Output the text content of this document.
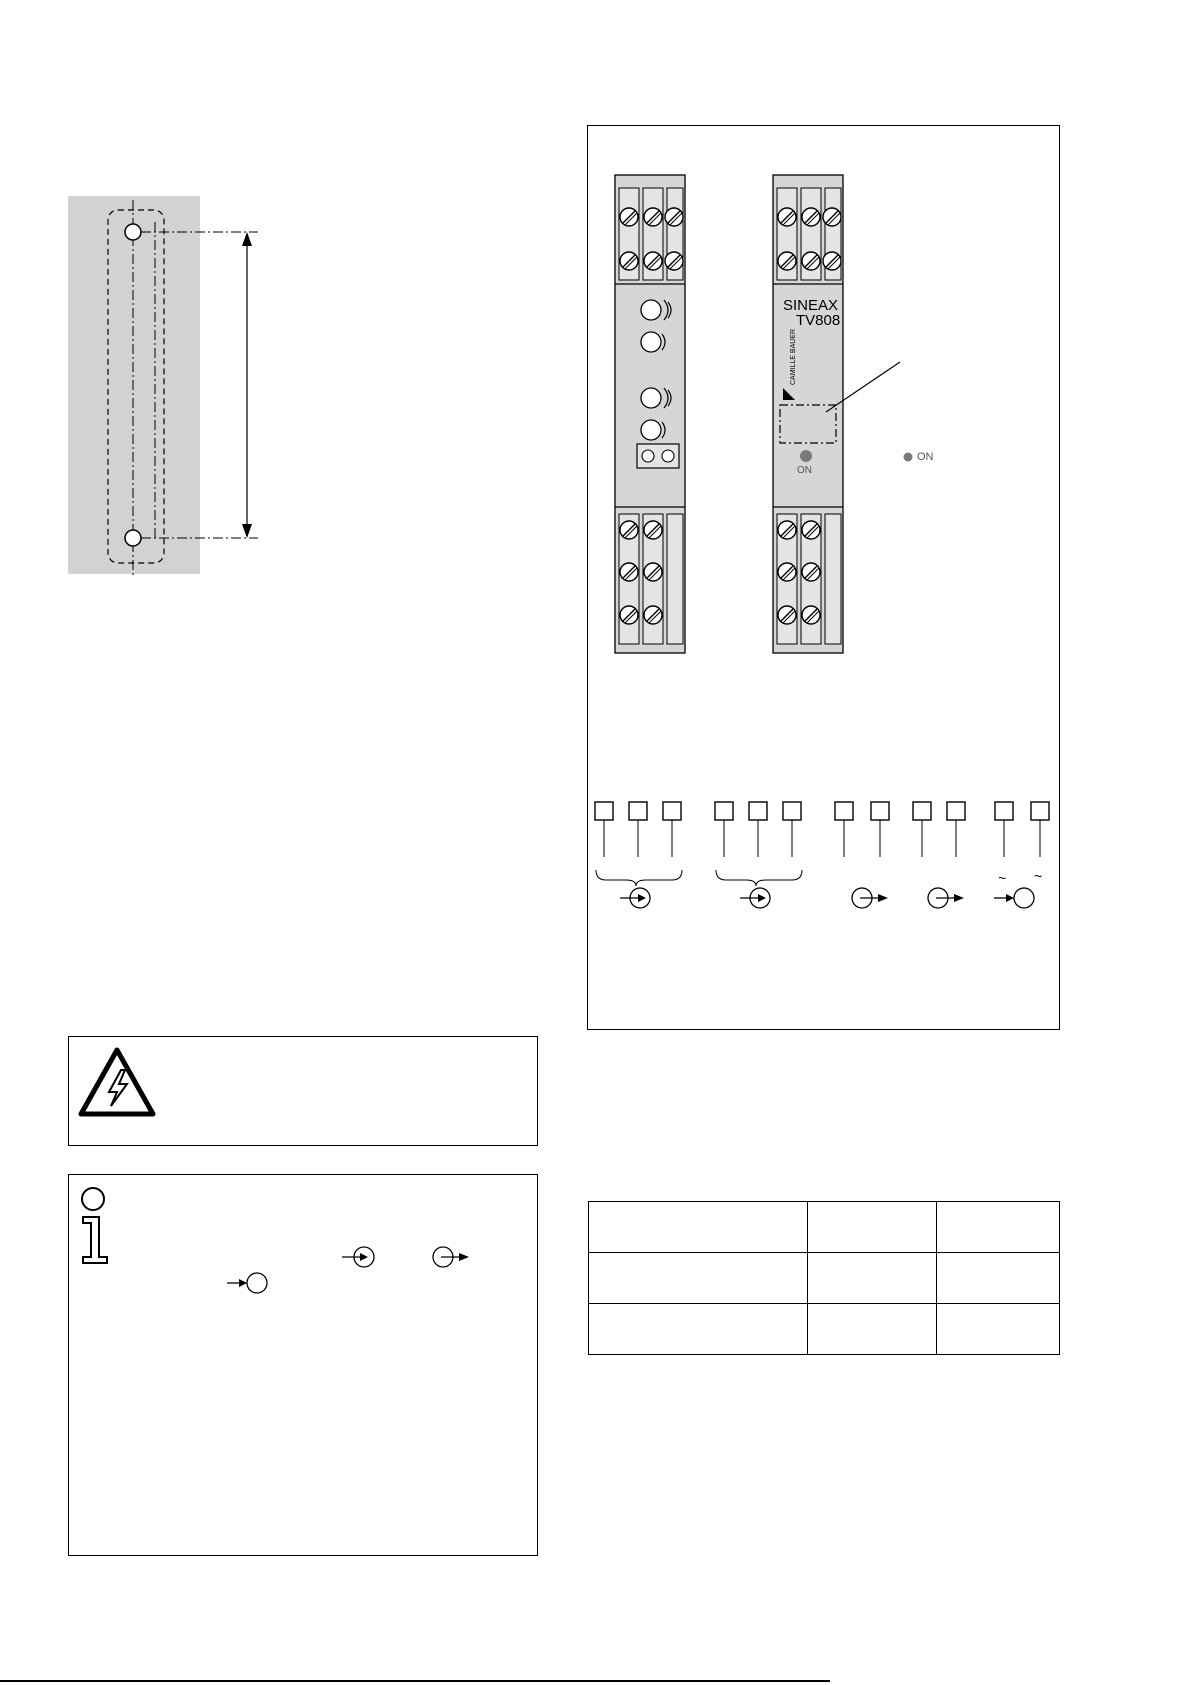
SINEAX
TV808
CAMILLE BAUER
ON
ON
~ ~
